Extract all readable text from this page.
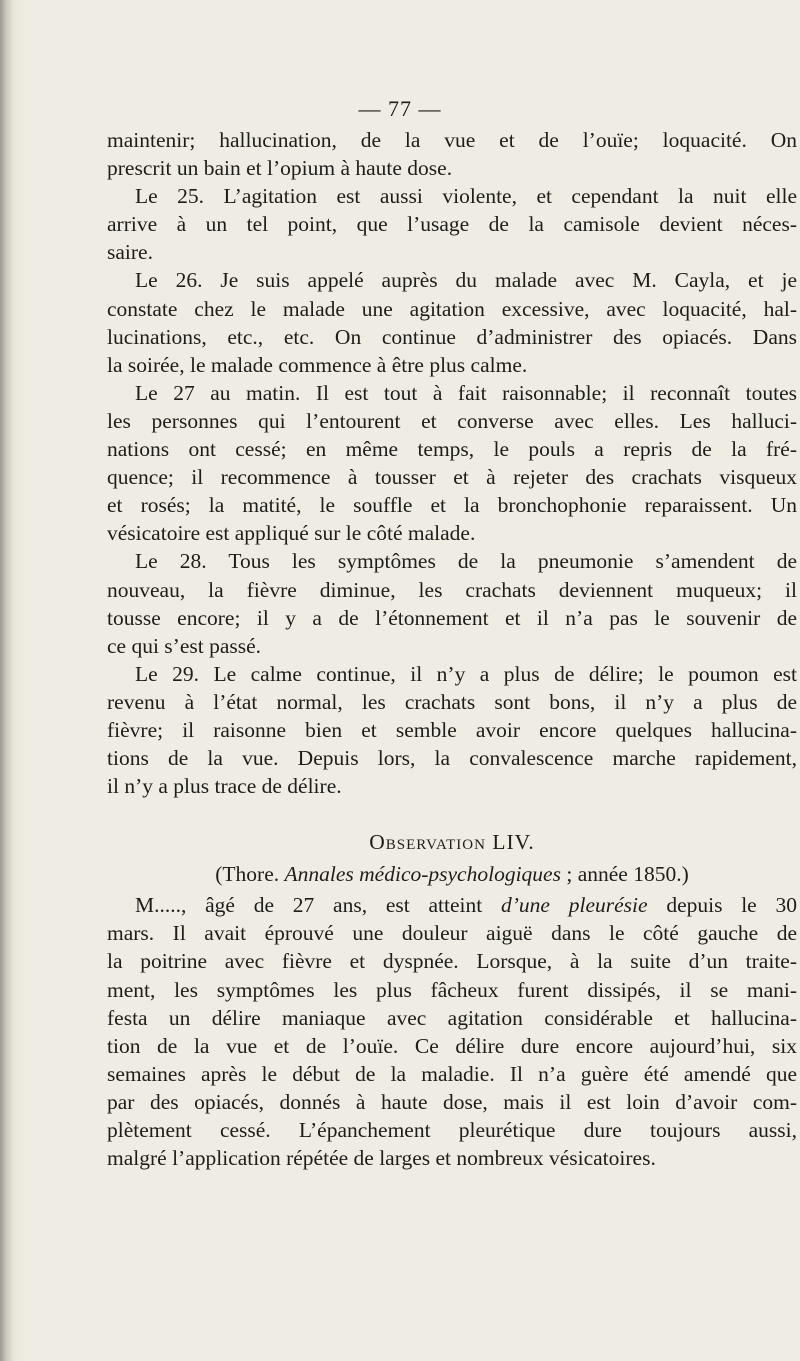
— 77 —
maintenir; hallucination, de la vue et de l’ouïe; loquacité. On
prescrit un bain et l’opium à haute dose.
Le 25. L’agitation est aussi violente, et cependant la nuit elle
arrive à un tel point, que l’usage de la camisole devient néces-
saire.
Le 26. Je suis appelé auprès du malade avec M. Cayla, et je
constate chez le malade une agitation excessive, avec loquacité, hal-
lucinations, etc., etc. On continue d’administrer des opiacés. Dans
la soirée, le malade commence à être plus calme.
Le 27 au matin. Il est tout à fait raisonnable; il reconnaît toutes
les personnes qui l’entourent et converse avec elles. Les halluci-
nations ont cessé; en même temps, le pouls a repris de la fré-
quence; il recommence à tousser et à rejeter des crachats visqueux
et rosés; la matité, le souffle et la bronchophonie reparaissent. Un
vésicatoire est appliqué sur le côté malade.
Le 28. Tous les symptômes de la pneumonie s’amendent de
nouveau, la fièvre diminue, les crachats deviennent muqueux; il
tousse encore; il y a de l’étonnement et il n’a pas le souvenir de
ce qui s’est passé.
Le 29. Le calme continue, il n’y a plus de délire; le poumon est
revenu à l’état normal, les crachats sont bons, il n’y a plus de
fièvre; il raisonne bien et semble avoir encore quelques hallucina-
tions de la vue. Depuis lors, la convalescence marche rapidement,
il n’y a plus trace de délire.
Observation LIV.
(Thore. Annales médico-psychologiques ; année 1850.)
M....., âgé de 27 ans, est atteint d’une pleurésie depuis le 30
mars. Il avait éprouvé une douleur aiguë dans le côté gauche de
la poitrine avec fièvre et dyspnée. Lorsque, à la suite d’un traite-
ment, les symptômes les plus fâcheux furent dissipés, il se mani-
festa un délire maniaque avec agitation considérable et hallucina-
tion de la vue et de l’ouïe. Ce délire dure encore aujourd’hui, six
semaines après le début de la maladie. Il n’a guère été amendé que
par des opiacés, donnés à haute dose, mais il est loin d’avoir com-
plètement cessé. L’épanchement pleurétique dure toujours aussi,
malgré l’application répétée de larges et nombreux vésicatoires.
